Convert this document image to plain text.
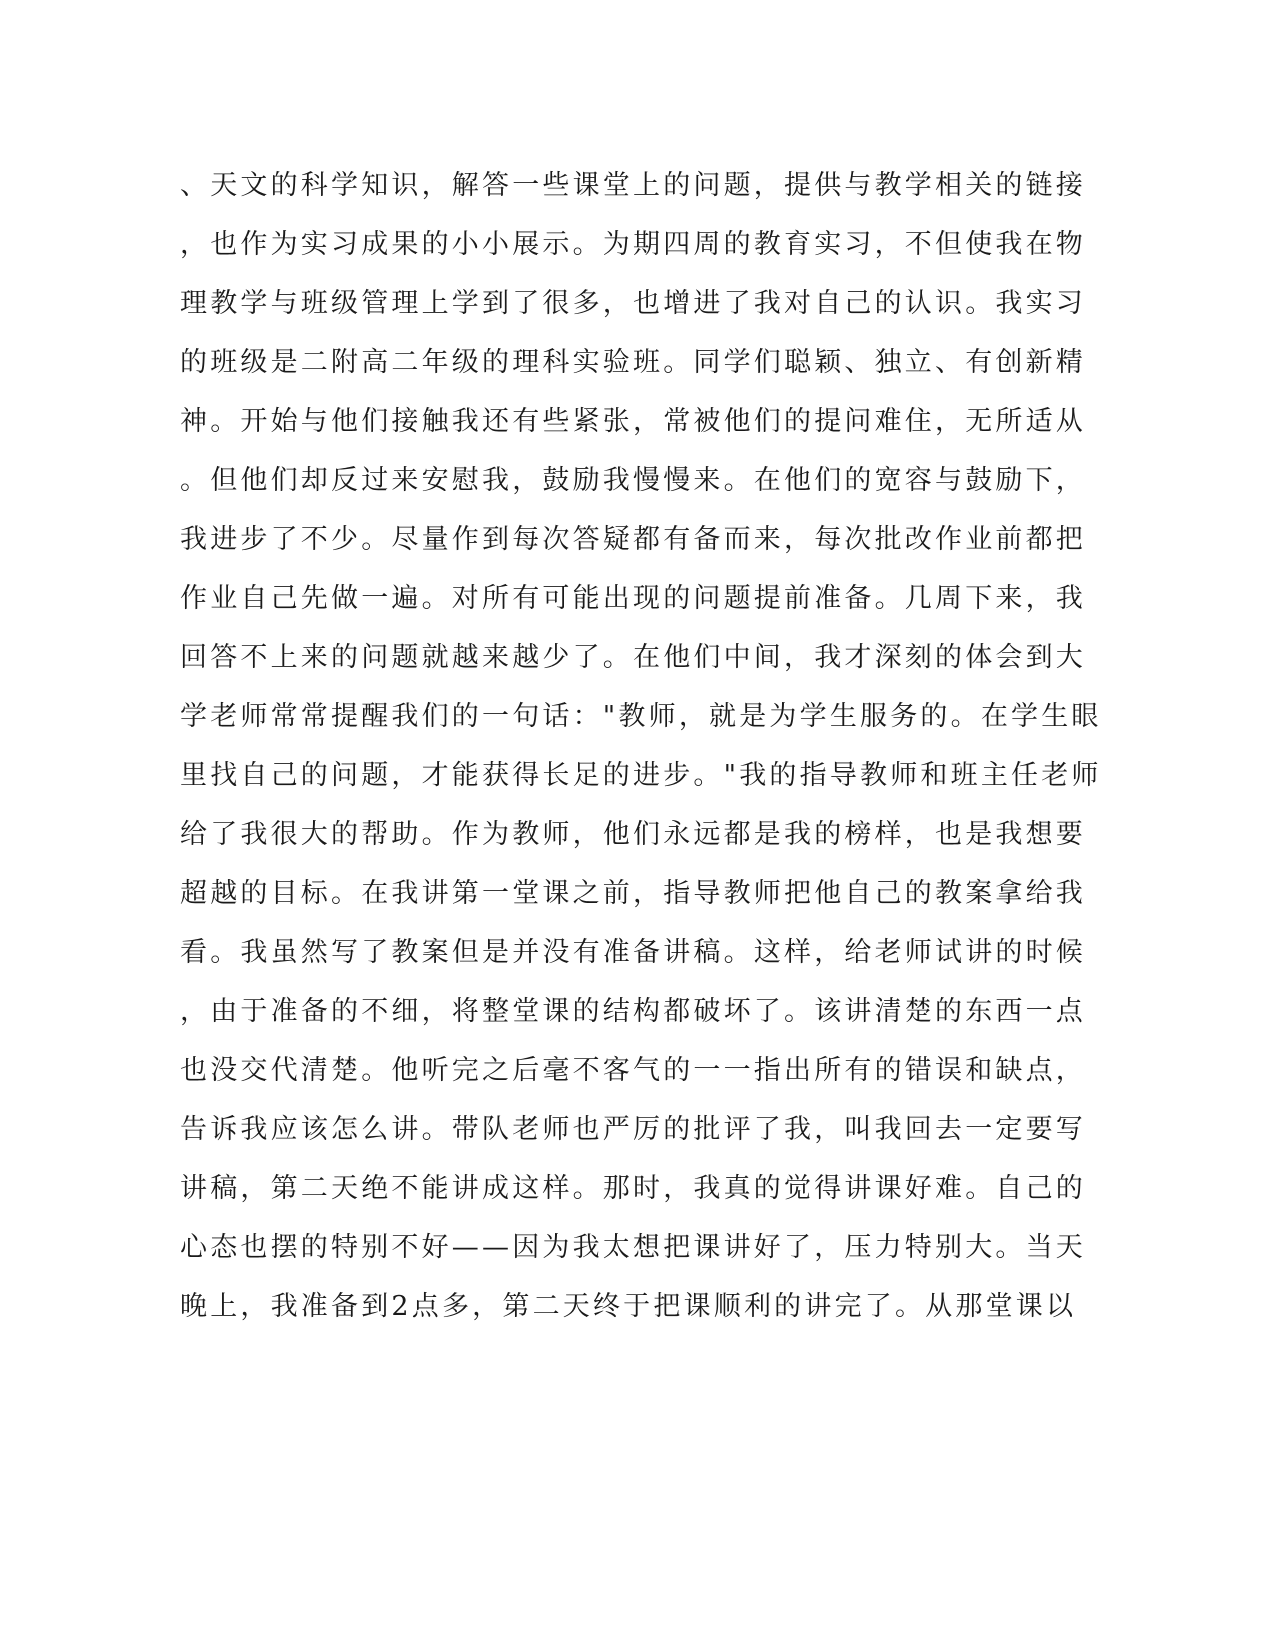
、天文的科学知识，解答一些课堂上的问题，提供与教学相关的链接
，也作为实习成果的小小展示。为期四周的教育实习，不但使我在物
理教学与班级管理上学到了很多，也增进了我对自己的认识。我实习
的班级是二附高二年级的理科实验班。同学们聪颖、独立、有创新精
神。开始与他们接触我还有些紧张，常被他们的提问难住，无所适从
。但他们却反过来安慰我，鼓励我慢慢来。在他们的宽容与鼓励下，
我进步了不少。尽量作到每次答疑都有备而来，每次批改作业前都把
作业自己先做一遍。对所有可能出现的问题提前准备。几周下来，我
回答不上来的问题就越来越少了。在他们中间，我才深刻的体会到大
学老师常常提醒我们的一句话："教师，就是为学生服务的。在学生眼
里找自己的问题，才能获得长足的进步。"我的指导教师和班主任老师
给了我很大的帮助。作为教师，他们永远都是我的榜样，也是我想要
超越的目标。在我讲第一堂课之前，指导教师把他自己的教案拿给我
看。我虽然写了教案但是并没有准备讲稿。这样，给老师试讲的时候
，由于准备的不细，将整堂课的结构都破坏了。该讲清楚的东西一点
也没交代清楚。他听完之后毫不客气的一一指出所有的错误和缺点，
告诉我应该怎么讲。带队老师也严厉的批评了我，叫我回去一定要写
讲稿，第二天绝不能讲成这样。那时，我真的觉得讲课好难。自己的
心态也摆的特别不好——因为我太想把课讲好了，压力特别大。当天
晚上，我准备到2点多，第二天终于把课顺利的讲完了。从那堂课以
